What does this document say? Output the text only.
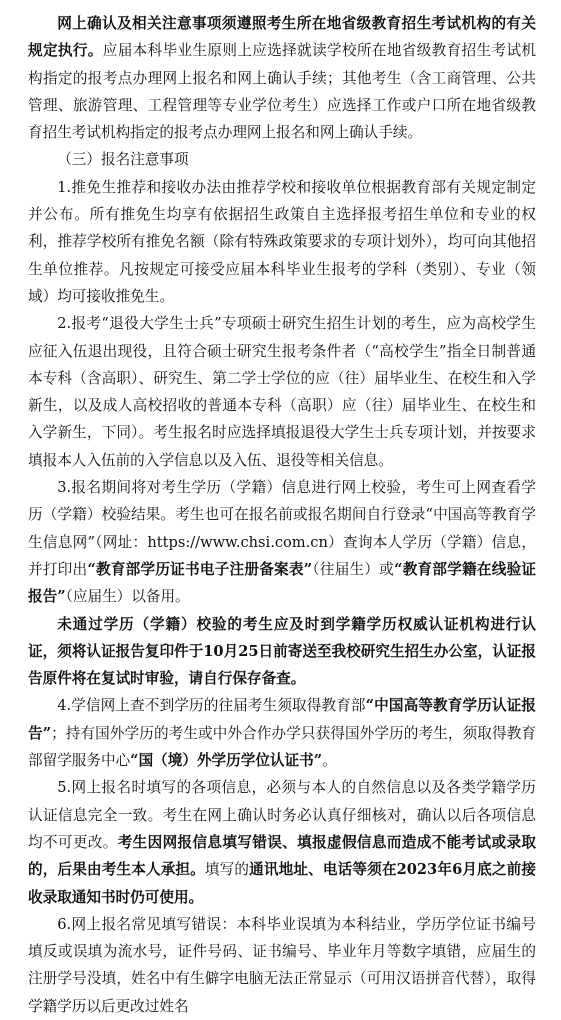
网上确认及相关注意事项须遵照考生所在地省级教育招生考试机构的有关规定执行。应届本科毕业生原则上应选择就读学校所在地省级教育招生考试机构指定的报考点办理网上报名和网上确认手续；其他考生（含工商管理、公共管理、旅游管理、工程管理等专业学位考生）应选择工作或户口所在地省级教育招生考试机构指定的报考点办理网上报名和网上确认手续。

（三）报名注意事项

1.推免生推荐和接收办法由推荐学校和接收单位根据教育部有关规定制定并公布。所有推免生均享有依据招生政策自主选择报考招生单位和专业的权利，推荐学校所有推免名额（除有特殊政策要求的专项计划外），均可向其他招生单位推荐。凡按规定可接受应届本科毕业生报考的学科（类别）、专业（领域）均可接收推免生。

2.报考“退役大学生士兵”专项硕士研究生招生计划的考生，应为高校学生应征入伍退出现役，且符合硕士研究生报考条件者（“高校学生”指全日制普通本专科（含高职）、研究生、第二学士学位的应（往）届毕业生、在校生和入学新生，以及成人高校招收的普通本专科（高职）应（往）届毕业生、在校生和入学新生，下同）。考生报名时应选择填报退役大学生士兵专项计划，并按要求填报本人入伍前的入学信息以及入伍、退役等相关信息。

3.报名期间将对考生学历（学籍）信息进行网上校验，考生可上网查看学历（学籍）校验结果。考生也可在报名前或报名期间自行登录“中国高等教育学生信息网”（网址：https://www.chsi.com.cn）查询本人学历（学籍）信息，并打印出“教育部学历证书电子注册备案表”（往届生）或“教育部学籍在线验证报告”（应届生）以备用。

未通过学历（学籍）校验的考生应及时到学籍学历权威认证机构进行认证，须将认证报告复印件于10月25日前寄送至我校研究生招生办公室，认证报告原件将在复试时审验，请自行保存备查。

4.学信网上查不到学历的往届考生须取得教育部“中国高等教育学历认证报告”；持有国外学历的考生或中外合作办学只获得国外学历的考生，须取得教育部留学服务中心“国（境）外学历学位认证书”。

5.网上报名时填写的各项信息，必须与本人的自然信息以及各类学籍学历认证信息完全一致。考生在网上确认时务必认真仔细核对，确认以后各项信息均不可更改。考生因网报信息填写错误、填报虚假信息而造成不能考试或录取的，后果由考生本人承担。填写的通讯地址、电话等须在2023年6月底之前接收录取通知书时仍可使用。

6.网上报名常见填写错误：本科毕业误填为本科结业，学历学位证书编号填反或误填为流水号，证件号码、证书编号、毕业年月等数字填错，应届生的注册学号没填，姓名中有生僻字电脑无法正常显示（可用汉语拼音代替），取得学籍学历以后更改过姓名
